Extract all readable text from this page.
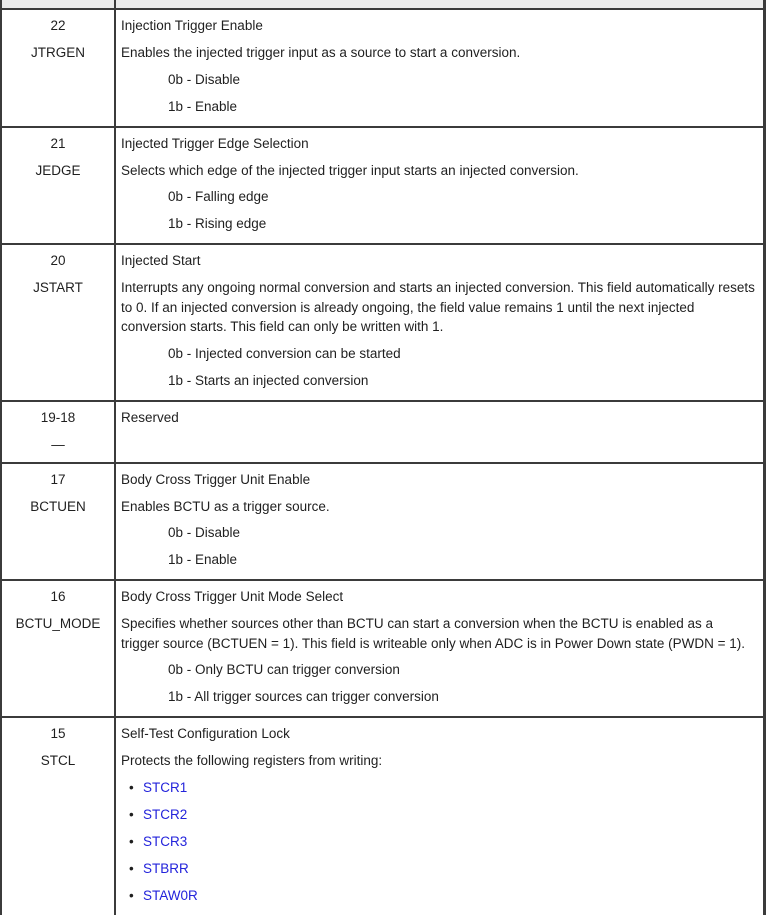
22
JTRGEN
Injection Trigger Enable
Enables the injected trigger input as a source to start a conversion.
0b - Disable
1b - Enable
21
JEDGE
Injected Trigger Edge Selection
Selects which edge of the injected trigger input starts an injected conversion.
0b - Falling edge
1b - Rising edge
20
JSTART
Injected Start
Interrupts any ongoing normal conversion and starts an injected conversion. This field automatically resets to 0. If an injected conversion is already ongoing, the field value remains 1 until the next injected conversion starts. This field can only be written with 1.
0b - Injected conversion can be started
1b - Starts an injected conversion
19-18
—
Reserved
17
BCTUEN
Body Cross Trigger Unit Enable
Enables BCTU as a trigger source.
0b - Disable
1b - Enable
16
BCTU_MODE
Body Cross Trigger Unit Mode Select
Specifies whether sources other than BCTU can start a conversion when the BCTU is enabled as a trigger source (BCTUEN = 1). This field is writeable only when ADC is in Power Down state (PWDN = 1).
0b - Only BCTU can trigger conversion
1b - All trigger sources can trigger conversion
15
STCL
Self-Test Configuration Lock
Protects the following registers from writing:
• STCR1
• STCR2
• STCR3
• STBRR
• STAW0R
